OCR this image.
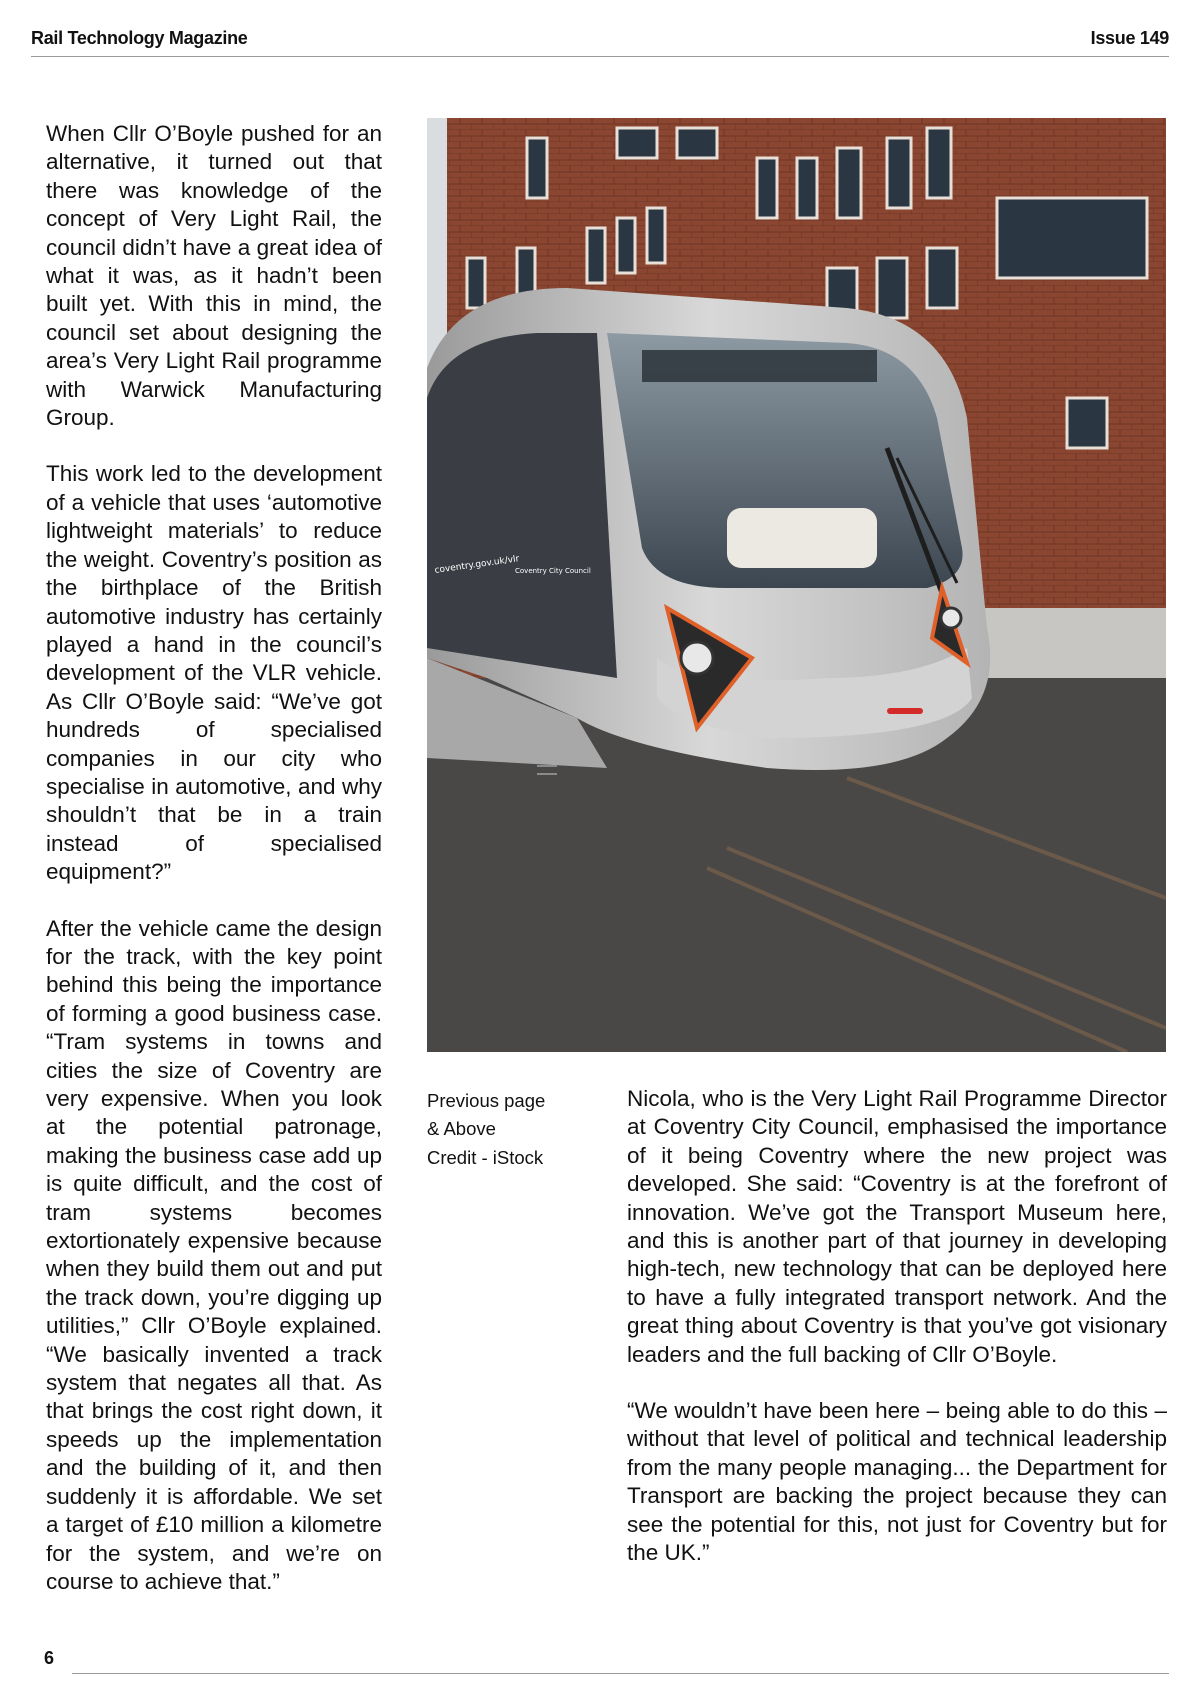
Rail Technology Magazine	Issue 149

When Cllr O’Boyle pushed for an alternative, it turned out that there was knowledge of the concept of Very Light Rail, the council didn’t have a great idea of what it was, as it hadn’t been built yet. With this in mind, the council set about designing the area’s Very Light Rail programme with Warwick Manufacturing Group.

This work led to the development of a vehicle that uses ‘automotive lightweight materials’ to reduce the weight. Coventry’s position as the birthplace of the British automotive industry has certainly played a hand in the council’s development of the VLR vehicle. As Cllr O’Boyle said: “We’ve got hundreds of specialised companies in our city who specialise in automotive, and why shouldn’t that be in a train instead of specialised equipment?”

After the vehicle came the design for the track, with the key point behind this being the importance of forming a good business case. “Tram systems in towns and cities the size of Coventry are very expensive. When you look at the potential patronage, making the business case add up is quite difficult, and the cost of tram systems becomes extortionately expensive because when they build them out and put the track down, you’re digging up utilities,” Cllr O’Boyle explained. “We basically invented a track system that negates all that. As that brings the cost right down, it speeds up the implementation and the building of it, and then suddenly it is affordable. We set a target of £10 million a kilometre for the system, and we’re on course to achieve that.”

coventry.gov.uk/vlr
Coventry City Council
Previous page
& Above
Credit - iStock

Nicola, who is the Very Light Rail Programme Director at Coventry City Council, emphasised the importance of it being Coventry where the new project was developed. She said: “Coventry is at the forefront of innovation. We’ve got the Transport Museum here, and this is another part of that journey in developing high-tech, new technology that can be deployed here to have a fully integrated transport network. And the great thing about Coventry is that you’ve got visionary leaders and the full backing of Cllr O’Boyle.

“We wouldn’t have been here – being able to do this – without that level of political and technical leadership from the many people managing... the Department for Transport are backing the project because they can see the potential for this, not just for Coventry but for the UK.”

6
